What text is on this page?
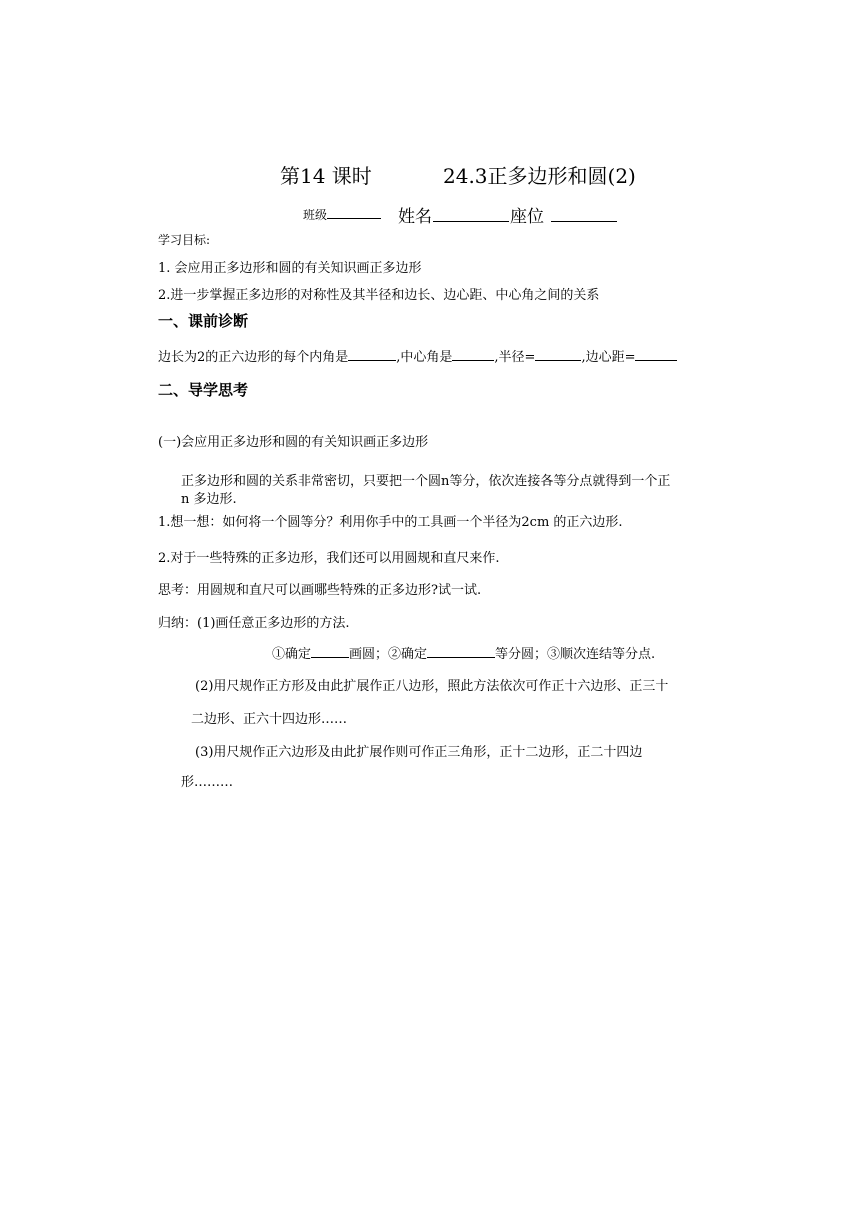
第14 课时	24.3正多边形和圆(2)
班级	姓名	座位
学习目标:
1. 会应用正多边形和圆的有关知识画正多边形
2.进一步掌握正多边形的对称性及其半径和边长、边心距、中心角之间的关系
一、课前诊断
边长为2的正六边形的每个内角是	,中心角是	,半径=	,边心距=
二、导学思考
(一)会应用正多边形和圆的有关知识画正多边形
正多边形和圆的关系非常密切，只要把一个圆n等分，依次连接各等分点就得到一个正
n 多边形.
1.想一想：如何将一个圆等分？利用你手中的工具画一个半径为2cm 的正六边形.
2.对于一些特殊的正多边形，我们还可以用圆规和直尺来作.
思考：用圆规和直尺可以画哪些特殊的正多边形?试一试.
归纳：(1)画任意正多边形的方法.
①确定	画圆；②确定	等分圆；③顺次连结等分点.
(2)用尺规作正方形及由此扩展作正八边形，照此方法依次可作正十六边形、正三十
二边形、正六十四边形……
(3)用尺规作正六边形及由此扩展作则可作正三角形，正十二边形，正二十四边
形………
